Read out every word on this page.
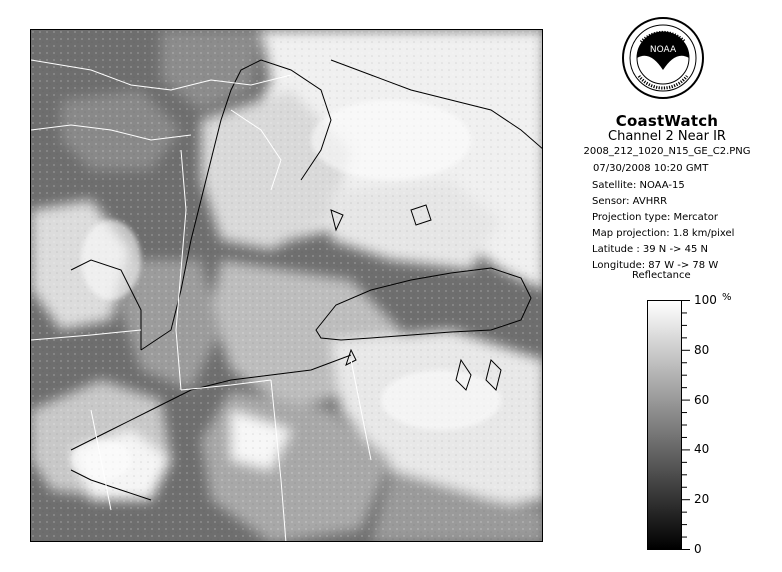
NOAA
CoastWatch
Channel 2 Near IR
2008_212_1020_N15_GE_C2.PNG
07/30/2008 10:20 GMT
Satellite: NOAA-15
Sensor: AVHRR
Projection type: Mercator
Map projection: 1.8 km/pixel
Latitude : 39 N -> 45 N
Longitude: 87 W -> 78 W
Reflectance
%
100
80
60
40
20
0
